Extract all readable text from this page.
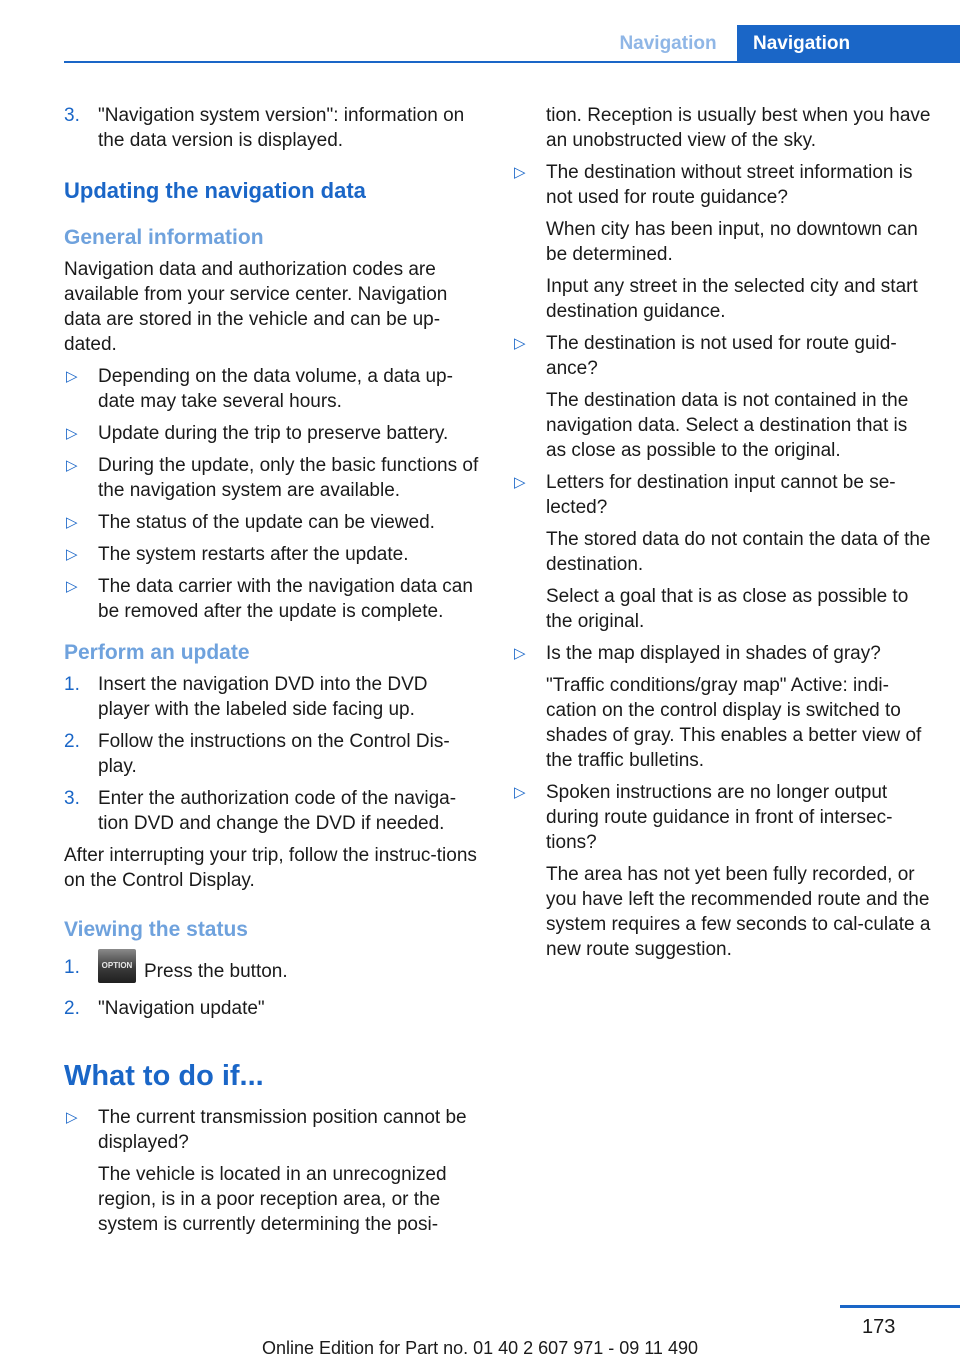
Navigation	Navigation
3. "Navigation system version": information on the data version is displayed.
Updating the navigation data
General information

Navigation data and authorization codes are available from your service center. Navigation data are stored in the vehicle and can be up‐dated.

▷ Depending on the data volume, a data up‐date may take several hours.
▷ Update during the trip to preserve battery.
▷ During the update, only the basic functions of the navigation system are available.
▷ The status of the update can be viewed.
▷ The system restarts after the update.
▷ The data carrier with the navigation data can be removed after the update is complete.
Perform an update
1. Insert the navigation DVD into the DVD player with the labeled side facing up.
2. Follow the instructions on the Control Dis‐play.
3. Enter the authorization code of the naviga‐tion DVD and change the DVD if needed.

After interrupting your trip, follow the instruc‐tions on the Control Display.

Viewing the status
1.	OPTION Press the button.
2. "Navigation update"
What to do if...
▷ The current transmission position cannot be displayed?
The vehicle is located in an unrecognized region, is in a poor reception area, or the system is currently determining the posi‐
tion. Reception is usually best when you have an unobstructed view of the sky.
▷ The destination without street information is not used for route guidance?
When city has been input, no downtown can be determined.
Input any street in the selected city and start destination guidance.
▷ The destination is not used for route guid‐ance?
The destination data is not contained in the navigation data. Select a destination that is as close as possible to the original.
▷ Letters for destination input cannot be se‐lected?
The stored data do not contain the data of the destination.
Select a goal that is as close as possible to the original.
▷ Is the map displayed in shades of gray?
"Traffic conditions/gray map" Active: indi‐cation on the control display is switched to shades of gray. This enables a better view of the traffic bulletins.
▷ Spoken instructions are no longer output during route guidance in front of intersec‐tions?
The area has not yet been fully recorded, or you have left the recommended route and the system requires a few seconds to cal‐culate a new route suggestion.
173
Online Edition for Part no. 01 40 2 607 971 - 09 11 490
